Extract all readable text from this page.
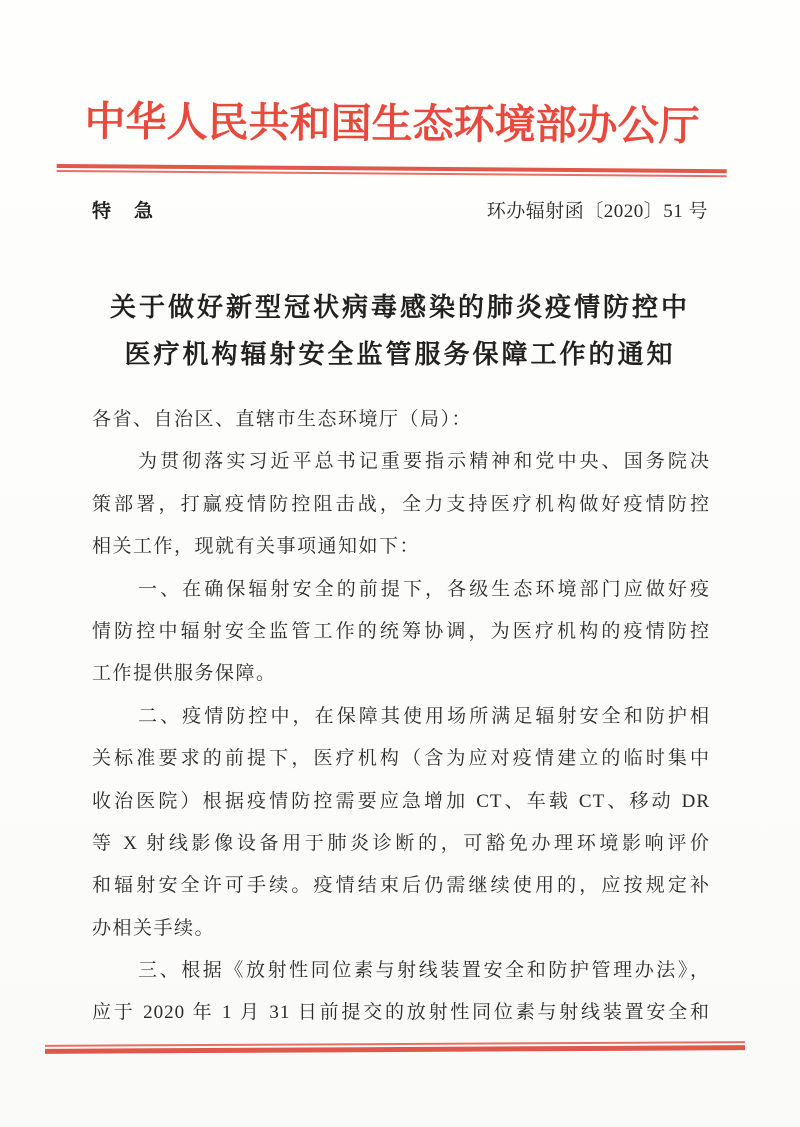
中华人民共和国生态环境部办公厅
特　急	环办辐射函〔2020〕51 号
关于做好新型冠状病毒感染的肺炎疫情防控中
医疗机构辐射安全监管服务保障工作的通知
各省、自治区、直辖市生态环境厅（局）：
为贯彻落实习近平总书记重要指示精神和党中央、国务院决
策部署，打赢疫情防控阻击战，全力支持医疗机构做好疫情防控
相关工作，现就有关事项通知如下：
一、在确保辐射安全的前提下，各级生态环境部门应做好疫
情防控中辐射安全监管工作的统筹协调，为医疗机构的疫情防控
工作提供服务保障。
二、疫情防控中，在保障其使用场所满足辐射安全和防护相
关标准要求的前提下，医疗机构（含为应对疫情建立的临时集中
收治医院）根据疫情防控需要应急增加 CT、车载 CT、移动 DR
等 X 射线影像设备用于肺炎诊断的，可豁免办理环境影响评价
和辐射安全许可手续。疫情结束后仍需继续使用的，应按规定补
办相关手续。
三、根据《放射性同位素与射线装置安全和防护管理办法》，
应于 2020 年 1 月 31 日前提交的放射性同位素与射线装置安全和
